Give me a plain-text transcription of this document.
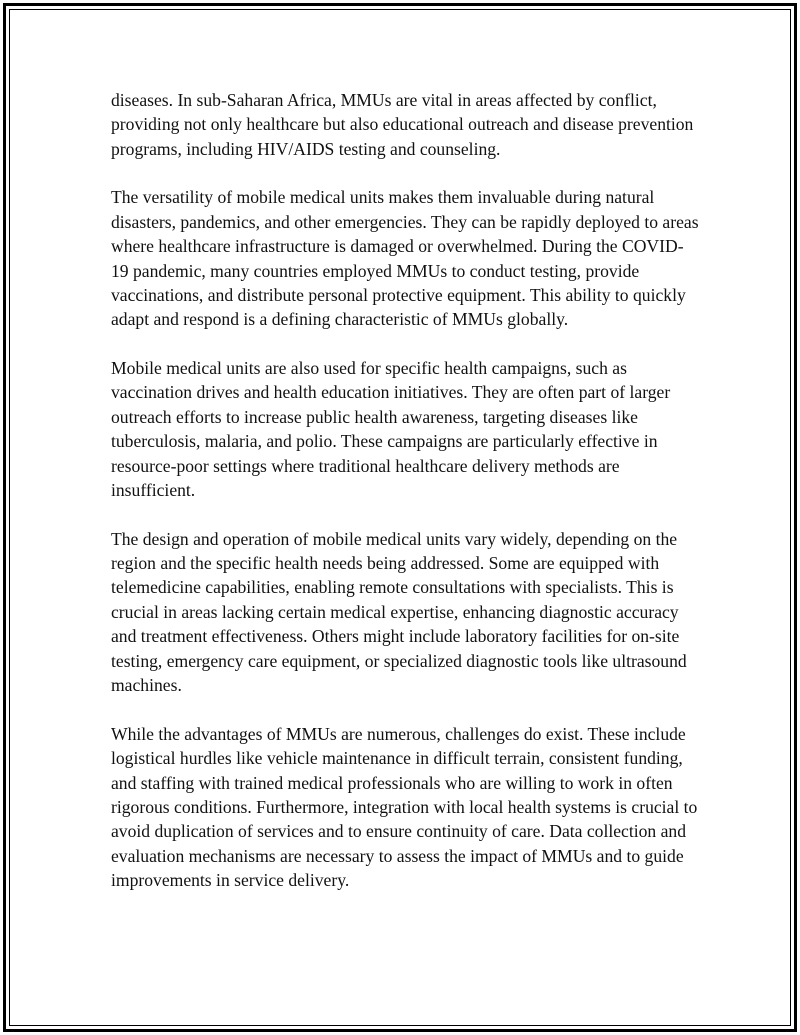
diseases. In sub-Saharan Africa, MMUs are vital in areas affected by conflict, providing not only healthcare but also educational outreach and disease prevention programs, including HIV/AIDS testing and counseling.

The versatility of mobile medical units makes them invaluable during natural disasters, pandemics, and other emergencies. They can be rapidly deployed to areas where healthcare infrastructure is damaged or overwhelmed. During the COVID-19 pandemic, many countries employed MMUs to conduct testing, provide vaccinations, and distribute personal protective equipment. This ability to quickly adapt and respond is a defining characteristic of MMUs globally.

Mobile medical units are also used for specific health campaigns, such as vaccination drives and health education initiatives. They are often part of larger outreach efforts to increase public health awareness, targeting diseases like tuberculosis, malaria, and polio. These campaigns are particularly effective in resource-poor settings where traditional healthcare delivery methods are insufficient.

The design and operation of mobile medical units vary widely, depending on the region and the specific health needs being addressed. Some are equipped with telemedicine capabilities, enabling remote consultations with specialists. This is crucial in areas lacking certain medical expertise, enhancing diagnostic accuracy and treatment effectiveness. Others might include laboratory facilities for on-site testing, emergency care equipment, or specialized diagnostic tools like ultrasound machines.

While the advantages of MMUs are numerous, challenges do exist. These include logistical hurdles like vehicle maintenance in difficult terrain, consistent funding, and staffing with trained medical professionals who are willing to work in often rigorous conditions. Furthermore, integration with local health systems is crucial to avoid duplication of services and to ensure continuity of care. Data collection and evaluation mechanisms are necessary to assess the impact of MMUs and to guide improvements in service delivery.
